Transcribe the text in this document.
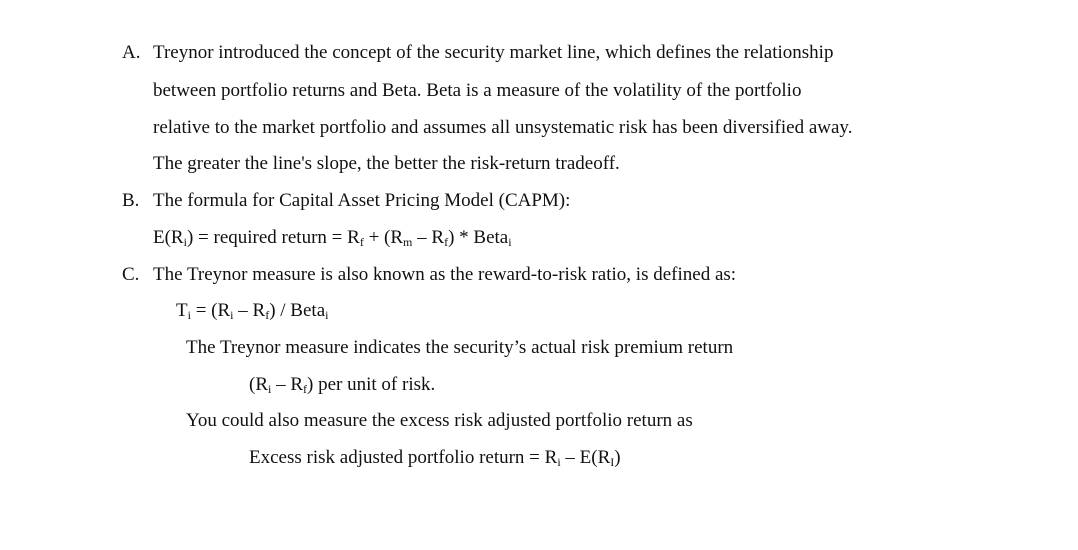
A. Treynor introduced the concept of the security market line, which defines the relationship
between portfolio returns and Beta. Beta is a measure of the volatility of the portfolio
relative to the market portfolio and assumes all unsystematic risk has been diversified away.
The greater the line's slope, the better the risk-return tradeoff.
B. The formula for Capital Asset Pricing Model (CAPM):
$E(R_i)$ = required return = $R_f + (R_m - R_f)$ * Beta$_i$
C. The Treynor measure is also known as the reward-to-risk ratio, is defined as:
$T_i = (R_i - R_f)$ / Beta$_i$
The Treynor measure indicates the security’s actual risk premium return
$(R_i - R_f)$ per unit of risk.
You could also measure the excess risk adjusted portfolio return as
Excess risk adjusted portfolio return = $R_i - E(R_I)$
